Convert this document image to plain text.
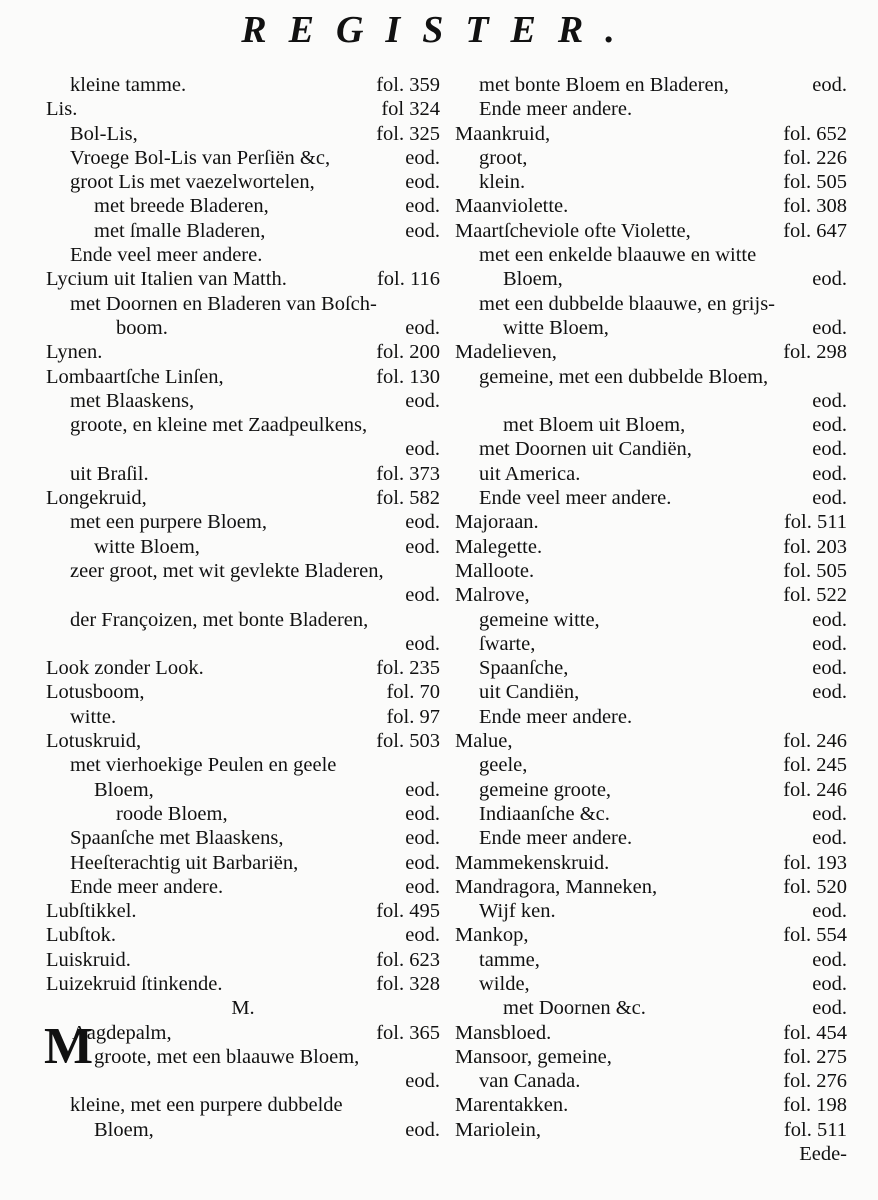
REGISTER.
kleine tamme.	fol. 359
Lis.	fol 324
Bol-Lis,	fol. 325
Vroege Bol-Lis van Perſiën &c,	eod.
groot Lis met vaezelwortelen,	eod.
met breede Bladeren,	eod.
met ſmalle Bladeren,	eod.
Ende veel meer andere.
Lycium uit Italien van Matth.	fol. 116
met Doornen en Bladeren van Boſch-
boom.	eod.
Lynen.	fol. 200
Lombaartſche Linſen,	fol. 130
met Blaaskens,	eod.
groote, en kleine met Zaadpeulkens,
eod.
uit Braſil.	fol. 373
Longekruid,	fol. 582
met een purpere Bloem,	eod.
witte Bloem,	eod.
zeer groot, met wit gevlekte Bladeren,
eod.
der Françoizen, met bonte Bladeren,
eod.
Look zonder Look.	fol. 235
Lotusboom,	fol. 70
witte.	fol. 97
Lotuskruid,	fol. 503
met vierhoekige Peulen en geele
Bloem,	eod.
roode Bloem,	eod.
Spaanſche met Blaaskens,	eod.
Heeſterachtig uit Barbariën,	eod.
Ende meer andere.	eod.
Lubſtikkel.	fol. 495
Lubſtok.	eod.
Luiskruid.	fol. 623
Luizekruid ſtinkende.	fol. 328
M.
M
Aagdepalm,	fol. 365
groote, met een blaauwe Bloem,
eod.
kleine, met een purpere dubbelde
Bloem,	eod.
met bonte Bloem en Bladeren,	eod.
Ende meer andere.
Maankruid,	fol. 652
groot,	fol. 226
klein.	fol. 505
Maanviolette.	fol. 308
Maartſcheviole ofte Violette,	fol. 647
met een enkelde blaauwe en witte
Bloem,	eod.
met een dubbelde blaauwe, en grijs-
witte Bloem,	eod.
Madelieven,	fol. 298
gemeine, met een dubbelde Bloem,
eod.
met Bloem uit Bloem,	eod.
met Doornen uit Candiën,	eod.
uit America.	eod.
Ende veel meer andere.	eod.
Majoraan.	fol. 511
Malegette.	fol. 203
Malloote.	fol. 505
Malrove,	fol. 522
gemeine witte,	eod.
ſwarte,	eod.
Spaanſche,	eod.
uit Candiën,	eod.
Ende meer andere.
Malue,	fol. 246
geele,	fol. 245
gemeine groote,	fol. 246
Indiaanſche &c.	eod.
Ende meer andere.	eod.
Mammekenskruid.	fol. 193
Mandragora, Manneken,	fol. 520
Wijf ken.	eod.
Mankop,	fol. 554
tamme,	eod.
wilde,	eod.
met Doornen &c.	eod.
Mansbloed.	fol. 454
Mansoor, gemeine,	fol. 275
van Canada.	fol. 276
Marentakken.	fol. 198
Mariolein,	fol. 511
Eede-
